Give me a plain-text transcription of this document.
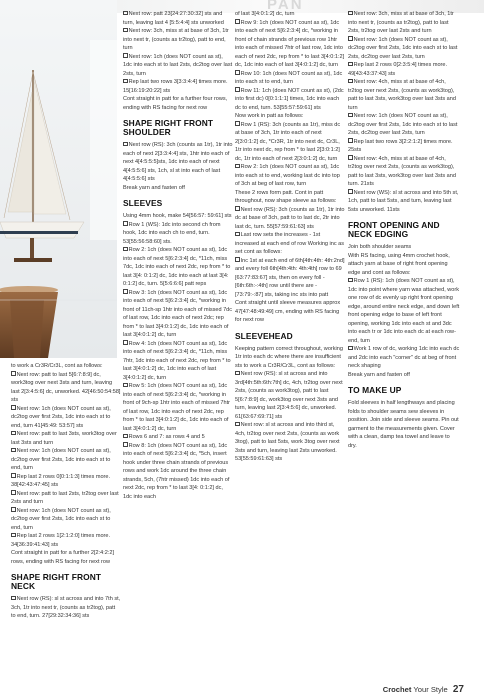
PAN

to work a Cr3R/Cr3L, cont as follows:

Next row: patt to last 5[6:7:8:9] dc, work3tog over next 3sts and turn, leaving last 2[3:4:5:6] dc, unworked. 42[46:50:54:58] sts

Next row: 1ch (does NOT count as st), dc2tog over first 2sts, 1dc into each st to end, turn 41[45:49: 53:57] sts

Next row: patt to last 3sts, work3tog over last 3sts and turn

Next row: 1ch (does NOT count as st), dc2tog over first 2sts, 1dc into each st to end, turn

Rep last 2 rows 0[0:1:1:3] times more. 38[42:43:47:45] sts

Next row: patt to last 2sts, tr2tog over last 2sts and turn

Next row: 1ch (does NOT count as st), dc2tog over first 2sts, 1dc into each st to end, turn

Rep last 2 rows 1[2:1:2:0] times more. 34[36:39:41:43] sts

Cont straight in patt for a further 2[2:4:2:2] rows, ending with RS facing for next row

SHAPE RIGHT FRONT NECK

Next row (RS): sl st across and into 7th st, 3ch, 1tr into next tr, (counts as tr2tog), patt to end, turn. 27[29:32:34:36] sts

Next row: patt 23[24:27:30:32] sts and turn, leaving last 4 [5:5:4:4] sts unworked

Next row: 3ch, miss st at base of 3ch, 1tr into next tr, (counts as tr2tog), patt to end, turn

Next row: 1ch (does NOT count as st), 1dc into each st to last 2sts, dc2tog over last 2sts, turn

Rep last two rows 3[3:3:4:4] times more. 15[16:19:20:22] sts

Cont straight in patt for a further four rows, ending with RS facing for next row

SHAPE RIGHT FRONT SHOULDER

Next row (RS): 3ch (counts as 1tr), 1tr into each of next 2[3:3:4:4] sts, 1htr into each of next 4[4:5:5:5]sts, 1dc into each of next 4[4:5:5:6] sts, 1ch, sl st into each of last 4[4:5:5:6] sts

Break yarn and fasten off

SLEEVES

Using 4mm hook, make 54[56:57: 59:61] sts

Row 1 (WS): 1dc into second ch from hook, 1dc into each ch to end, turn. 53[55:56:58:60] sts.

Row 2: 1ch (does NOT count as st), 1dc into each of next 5[6:2:3:4] dc, *11ch, miss 7dc, 1dc into each of next 2dc, rep from * to last 3[4: 0:1:2] dc, 1dc into each at last 3[4: 0:1:2] dc, turn. 5[5:6:6:6] patt reps

Row 3: 1ch (does NOT count as st), 1dc into each of next 5[6:2:3:4] dc, *working in front of 11ch-sp 1htr into each of missed 7dc of last row, 1dc into each of next 2dc; rep from * to last 3[4:0:1:2] dc, 1dc into each of last 3[4:0:1:2] dc, turn

Row 4: 1ch (does NOT count as st), 1dc into each of next 5[6:2:3:4] dc, *11ch, miss 7htr, 1dc into each of next 2dc, rep from * to last 3[4:0:1:2] dc, 1dc into each of last 3[4:0:1:2] dc, turn

Row 5: 1ch (does NOT count as st), 1dc into each of next 5[6:2:3:4] dc, *working in front of 9ch-sp 1htr into each of missed 7htr of last row, 1dc into each of next 2dc, rep from * to last 3[4:0:1:2] dc, 1dc into each of last 3[4:0:1:2] dc, turn

Rows 6 and 7: as rows 4 and 5

Row 8: 1ch (does NOT count as st), 1dc into each of next 5[6:2:3:4] dc, *5ch, insert hook under three chain strands of previous rows and work 1dc around the three chain strands, 5ch, (7htr missed) 1dc into each of next 2dc, rep from * to last 3[4: 0:1:2] dc, 1dc into each

of last 3[4:0:1:2] dc, turn

Row 9: 1ch (does NOT count as st), 1dc into each of next 5[6:2:3:4] dc, *working in front of chain strands of previous row 1htr into each of missed 7htr of last row, 1dc into each of next 2dc, rep from * to last 3[4:0:1:2] dc, 1dc into each of last 3[4:0:1:2] dc, turn

Row 10: 1ch (does NOT count as st), 1dc into each st to end, turn

Row 11: 1ch (does NOT count as st), (2dc into first dc) 0[0:1:1:1] times, 1dc into each dc to end, turn. 53[55:57:59:61] sts

Now work in patt as follows:

Row 1 (RS): 3ch (counts as 1tr), miss dc at base of 3ch, 1tr into each of next 2[3:0:1:2] dc, *Cr3R, 1tr into next dc, Cr3L, 1tr into next dc, rep from * to last 2[3:0:1:2] dc, 1tr into each of next 2[3:0:1:2] dc, turn

Row 2: 1ch (does NOT count as st), 1dc into each st to end, working last dc into top of 3ch at beg of last row, turn

These 2 rows form patt. Cont in patt throughout, now shape sleeve as follows:

Next row (RS): 3ch (counts as 1tr), 1tr into dc at base of 3ch, patt to to last dc, 2tr into last dc, turn. 55[57:59:61:63] sts

Last row sets the increases - 1st increased at each end of row Working inc as set cont as follows:

Inc 1st at each end of 6th[4th:4th: 4th:2nd] and every foll 6th[4th:4th: 4th:4th] row to 69 [63:77:83:67] sts, then on every foll - [6th:6th:-:4th] row until there are -[73:79:-:87] sts, taking inc sts into patt

Cont straight until sleeve measures approx 47[47:48:49:49] cm, ending with RS facing for next row

SLEEVEHEAD

Keeping pattern correct throughout, working 1tr into each dc where there are insufficient sts to work a Cr3R/Cr3L, cont as follows:

Next row (RS): sl st across and into 3rd[4th:5th:6th:7th] dc, 4ch, tr2tog over next 2sts, (counts as work3tog), patt to last 5[6:7:8:9] dc, work3tog over next 3sts and turn, leaving last 2[3:4:5:6] dc, unworked. 61[63:67:69:71] sts

Next row: sl st across and into third st, 4ch, tr2tog over next 2sts, (counts as work 3tog), patt to last 5sts, work 3tog over next 3sts and turn, leaving last 2sts unworked. 53[55:59:61:63] sts

Next row: 3ch, miss st at base of 3ch, 1tr into next tr, (counts as tr2tog), patt to last 2sts, tr2tog over last 2sts and turn

Next row: 1ch (does NOT count as st), dc2tog over first 2sts, 1dc into each st to last 2sts, dc2tog over last 2sts, turn

Rep last 2 rows 0[2:3:5:4] times more. 49[43:43:37:43] sts

Next row: 4ch, miss st at base of 4ch, tr2tog over next 2sts, (counts as work3tog), patt to last 3sts, work3tog over last 3sts and turn

Next row: 1ch (does NOT count as st), dc2tog over first 2sts, 1dc into each st to last 2sts, dc2tog over last 2sts, turn

Rep last two rows 3[2:2:1:2] times more. 25sts

Next row: 4ch, miss st at base of 4ch, tr2tog over next 2sts, (counts as work3tog), patt to last 3sts, work3tog over last 3sts and turn. 21sts

Next row (WS): sl st across and into 5th st, 1ch, patt to last 5sts, and turn, leaving last 5sts unworked. 11sts

FRONT OPENING AND NECK EDGING

Join both shoulder seams

With RS facing, using 4mm crochet hook, attach yarn at base of right front opening edge and cont as follows:

Row 1 (RS): 1ch (does NOT count as st), 1dc into point where yarn was attached, work one row of dc evenly up right front opening edge, around entire neck edge, and down left front opening edge to base of left front opening, working 1dc into each st and 3dc into each tr or 1dc into each dc at each row-end, turn

Work 1 row of dc, working 1dc into each dc and 2dc into each "corner" dc at beg of front neck shaping

Break yarn and fasten off

TO MAKE UP

Fold sleeves in half lengthways and placing folds to shoulder seams sew sleeves in position. Join side and sleeve seams. Pin out garment to the measurements given. Cover with a clean, damp tea towel and leave to dry.

Crochet Your Style 27
